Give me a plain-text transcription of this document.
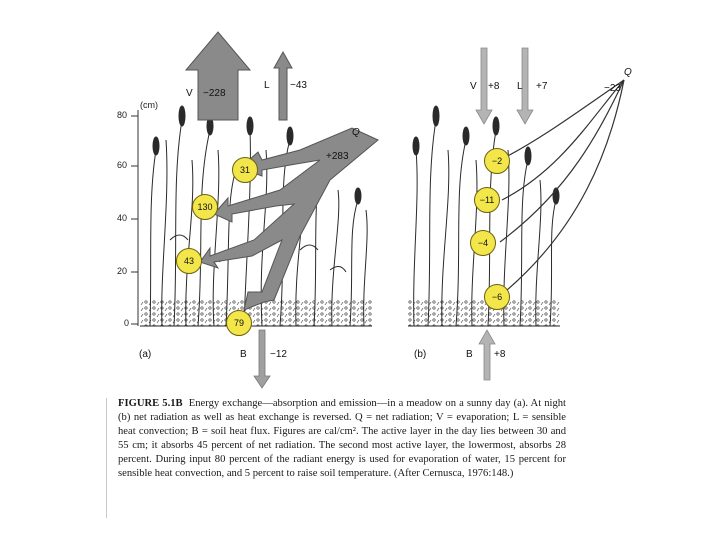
(cm)
80
60
40
20
0
V −228
L −43
Q
+283
B −12
(a)
31
130
43
79
V +8 L +7
Q
−23
B +8
(b)
−2
−11
−4
−6

FIGURE 5.1B Energy exchange—absorption and emission—in a meadow on a sunny day (a). At night (b) net radiation as well as heat exchange is reversed. Q = net radiation; V = evaporation; L = sensible heat convection; B = soil heat flux. Figures are cal/cm². The active layer in the day lies between 30 and 55 cm; it absorbs 45 percent of net radiation. The second most active layer, the lowermost, absorbs 28 percent. During input 80 percent of the radiant energy is used for evaporation of water, 15 percent for sensible heat convection, and 5 percent to raise soil temperature. (After Cernusca, 1976:148.)
